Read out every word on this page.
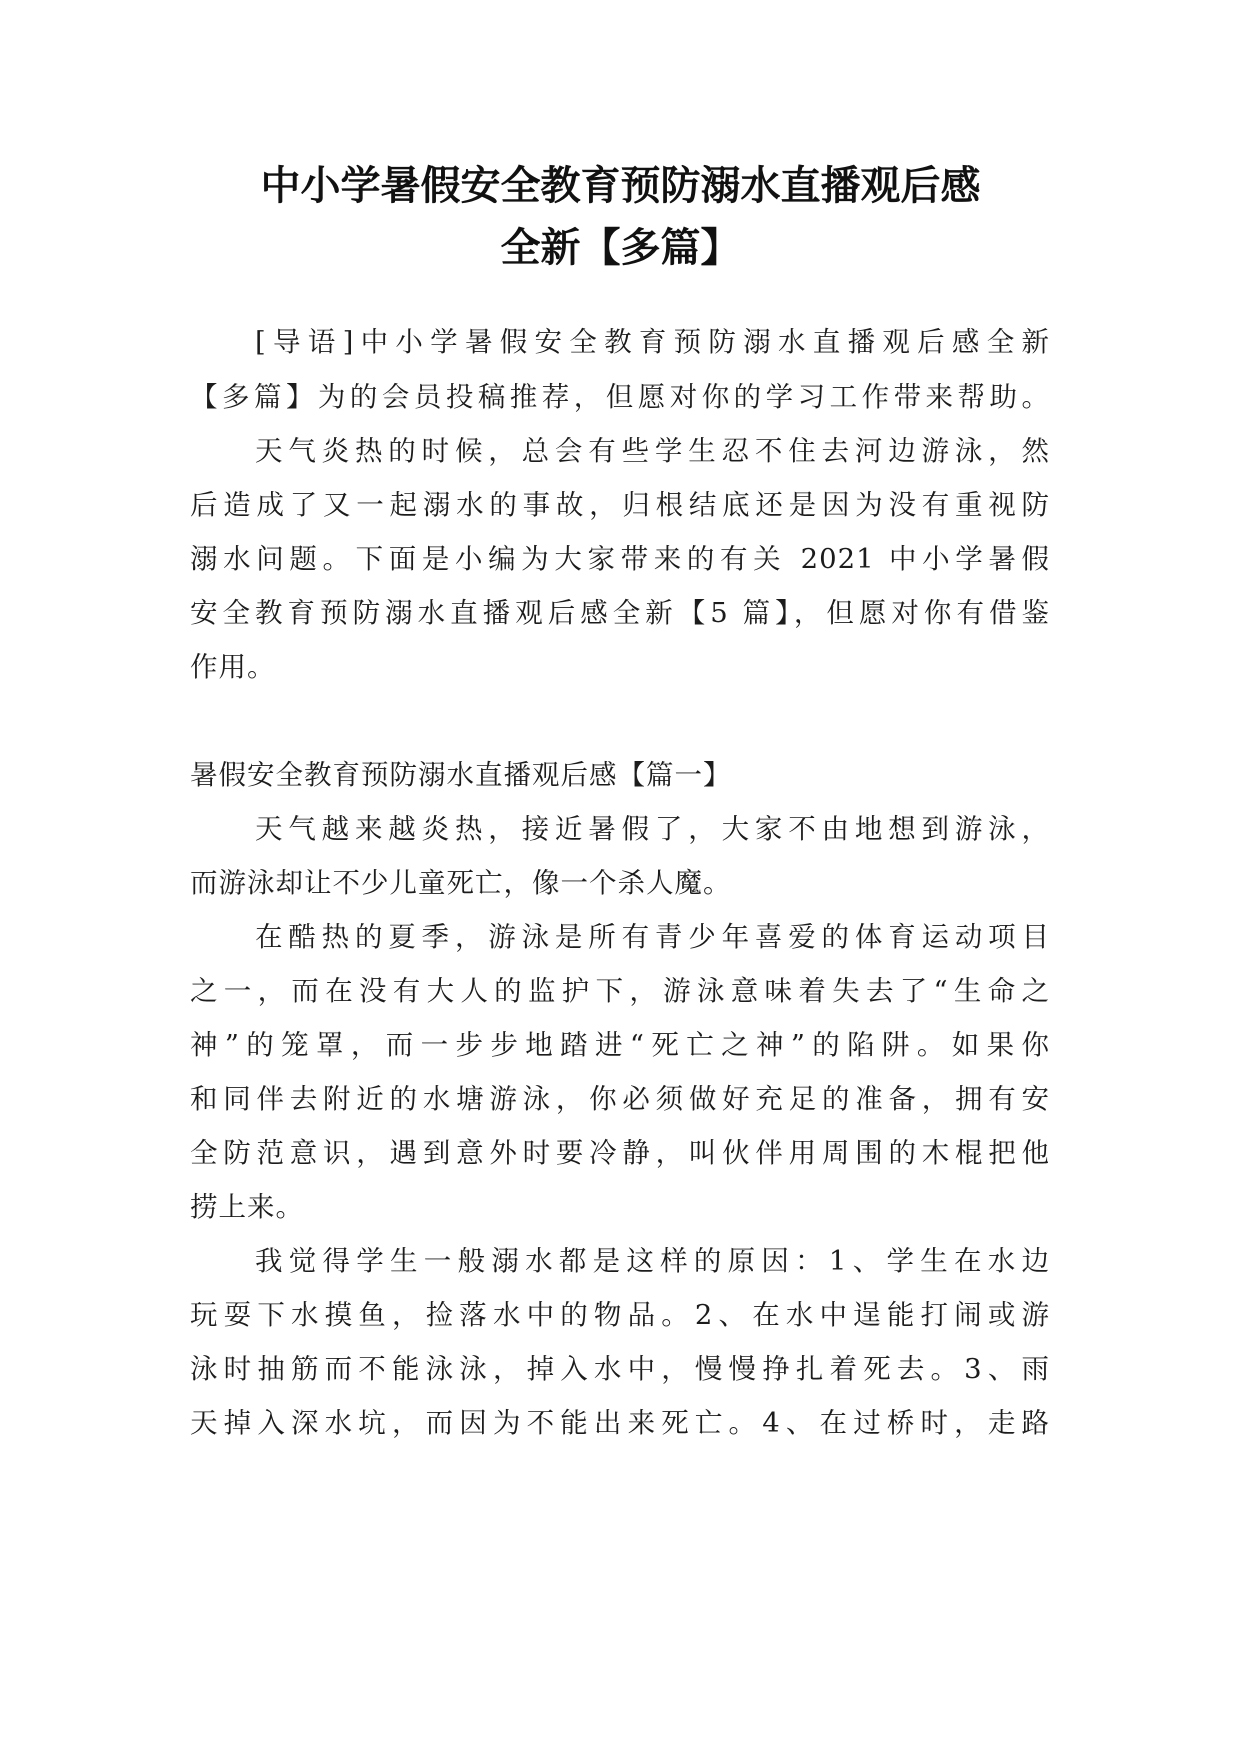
中小学暑假安全教育预防溺水直播观后感
全新【多篇】
[导语]中小学暑假安全教育预防溺水直播观后感全新
【多篇】为的会员投稿推荐，但愿对你的学习工作带来帮助。
天气炎热的时候，总会有些学生忍不住去河边游泳，然
后造成了又一起溺水的事故，归根结底还是因为没有重视防
溺水问题。下面是小编为大家带来的有关 2021 中小学暑假
安全教育预防溺水直播观后感全新【5 篇】，但愿对你有借鉴
作用。
暑假安全教育预防溺水直播观后感【篇一】
天气越来越炎热，接近暑假了，大家不由地想到游泳，
而游泳却让不少儿童死亡，像一个杀人魔。
在酷热的夏季，游泳是所有青少年喜爱的体育运动项目
之一，而在没有大人的监护下，游泳意味着失去了“生命之
神”的笼罩，而一步步地踏进“死亡之神”的陷阱。如果你
和同伴去附近的水塘游泳，你必须做好充足的准备，拥有安
全防范意识，遇到意外时要冷静，叫伙伴用周围的木棍把他
捞上来。
我觉得学生一般溺水都是这样的原因：1、学生在水边
玩耍下水摸鱼，捡落水中的物品。2、在水中逞能打闹或游
泳时抽筋而不能泳泳，掉入水中，慢慢挣扎着死去。3、雨
天掉入深水坑，而因为不能出来死亡。4、在过桥时，走路
